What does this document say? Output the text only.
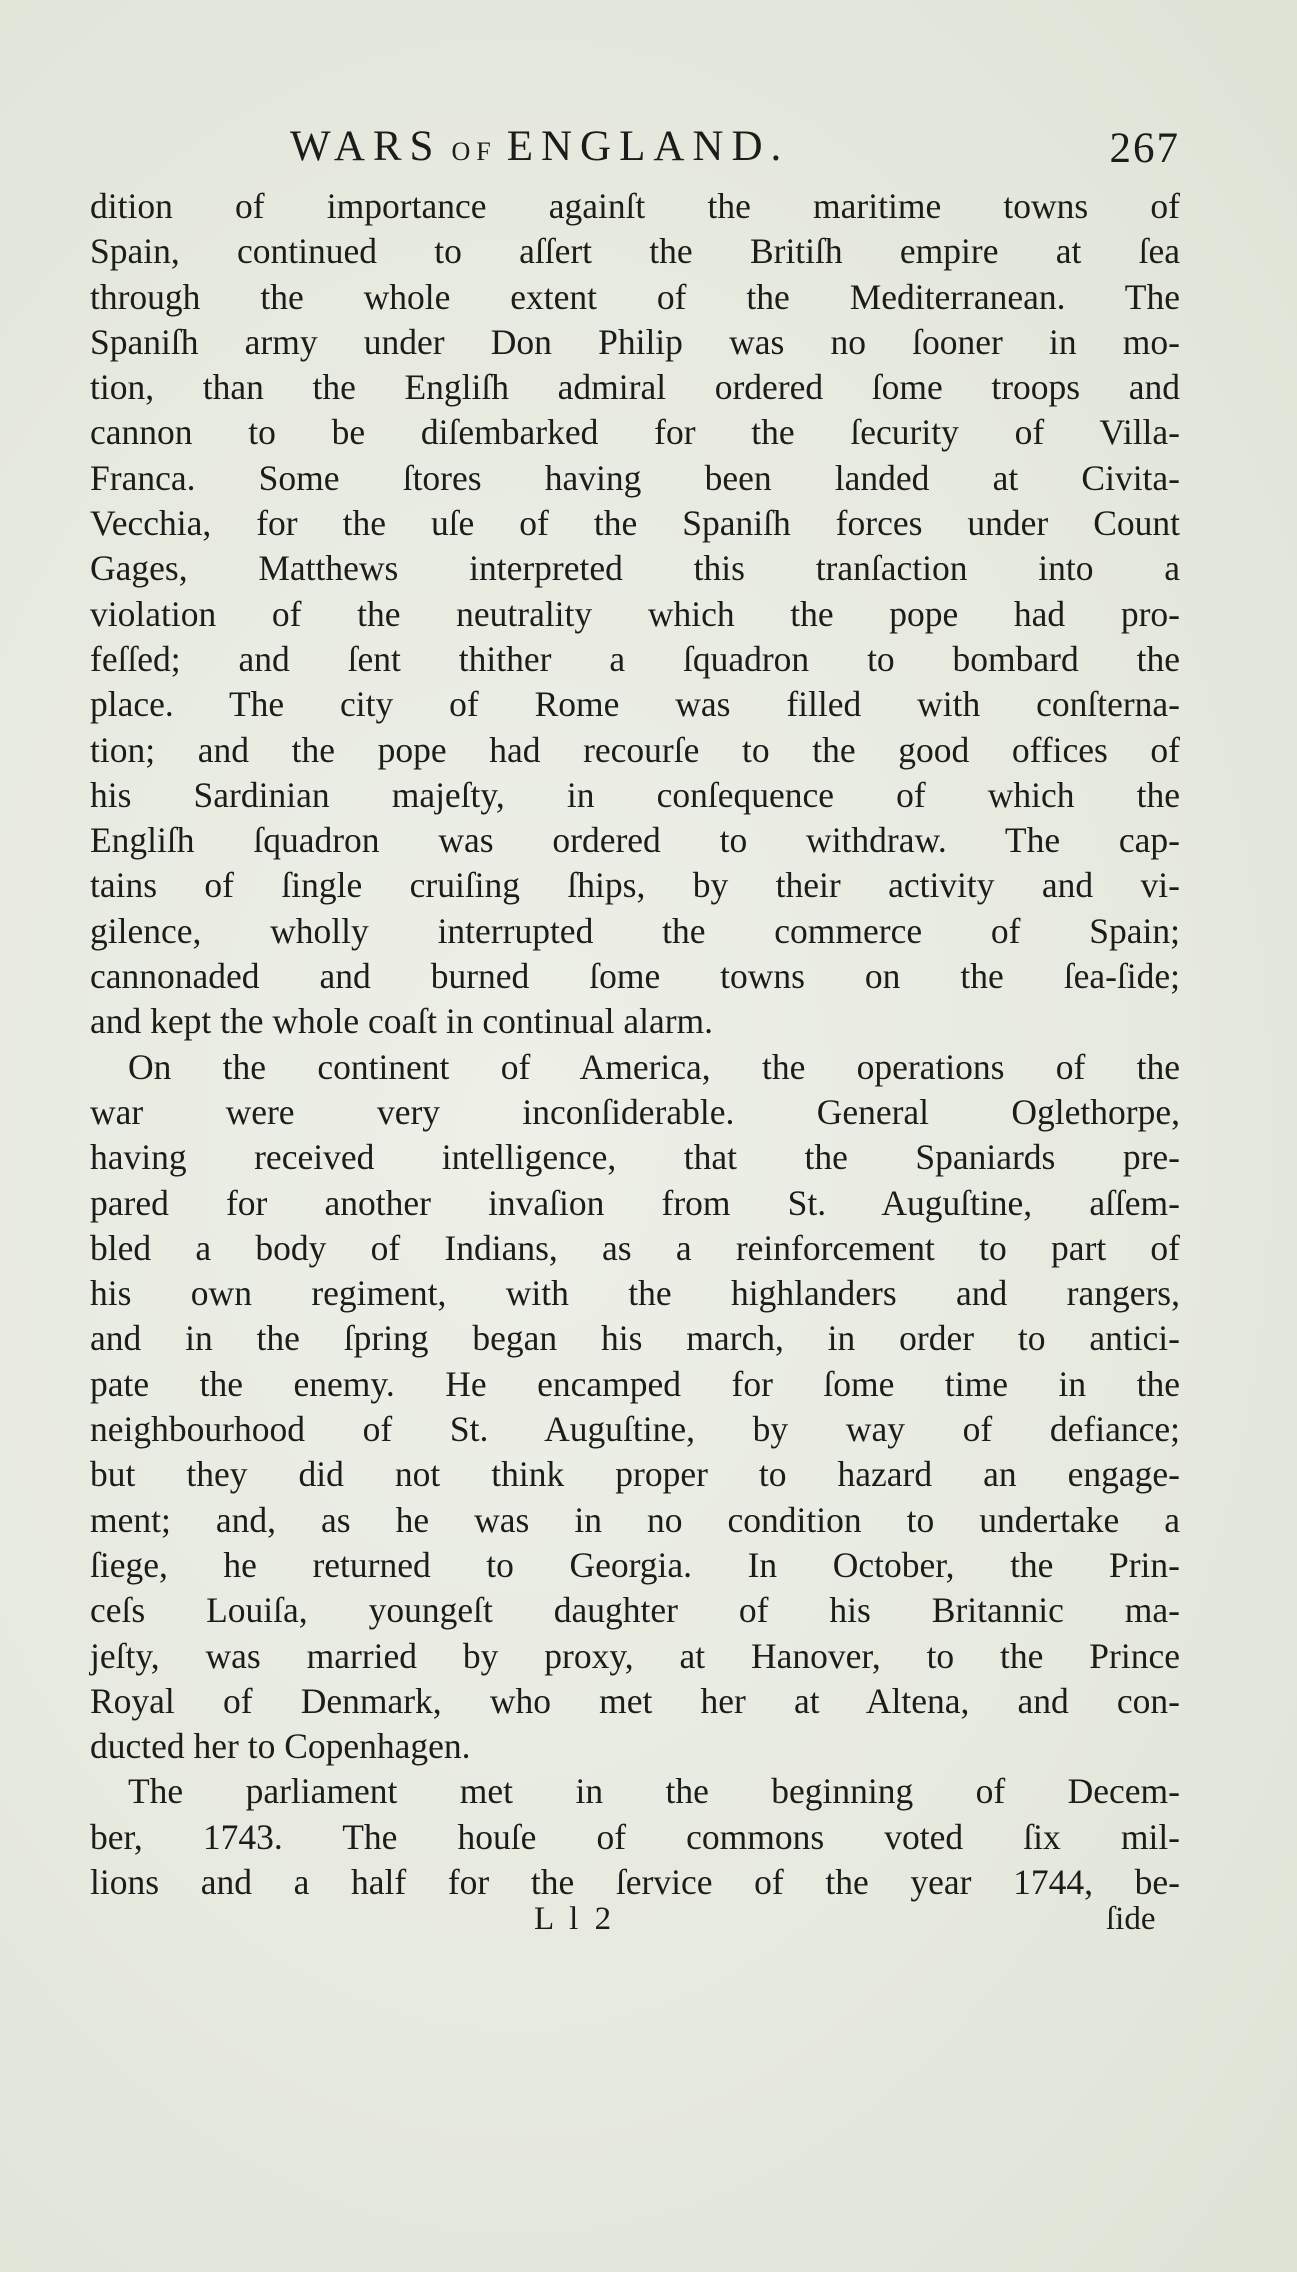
WARS OF ENGLAND.	267
dition of importance againſt the maritime towns of
Spain, continued to aſſert the Britiſh empire at ſea
through the whole extent of the Mediterranean. The
Spaniſh army under Don Philip was no ſooner in mo-
tion, than the Engliſh admiral ordered ſome troops and
cannon to be diſembarked for the ſecurity of Villa-
Franca. Some ſtores having been landed at Civita-
Vecchia, for the uſe of the Spaniſh forces under Count
Gages, Matthews interpreted this tranſaction into a
violation of the neutrality which the pope had pro-
feſſed; and ſent thither a ſquadron to bombard the
place. The city of Rome was filled with conſterna-
tion; and the pope had recourſe to the good offices of
his Sardinian majeſty, in conſequence of which the
Engliſh ſquadron was ordered to withdraw. The cap-
tains of ſingle cruiſing ſhips, by their activity and vi-
gilence, wholly interrupted the commerce of Spain;
cannonaded and burned ſome towns on the ſea-ſide;
and kept the whole coaſt in continual alarm.
On the continent of America, the operations of the
war were very inconſiderable. General Oglethorpe,
having received intelligence, that the Spaniards pre-
pared for another invaſion from St. Auguſtine, aſſem-
bled a body of Indians, as a reinforcement to part of
his own regiment, with the highlanders and rangers,
and in the ſpring began his march, in order to antici-
pate the enemy. He encamped for ſome time in the
neighbourhood of St. Auguſtine, by way of defiance;
but they did not think proper to hazard an engage-
ment; and, as he was in no condition to undertake a
ſiege, he returned to Georgia. In October, the Prin-
ceſs Louiſa, youngeſt daughter of his Britannic ma-
jeſty, was married by proxy, at Hanover, to the Prince
Royal of Denmark, who met her at Altena, and con-
ducted her to Copenhagen.
The parliament met in the beginning of Decem-
ber, 1743. The houſe of commons voted ſix mil-
lions and a half for the ſervice of the year 1744, be-
L l 2	ſide
